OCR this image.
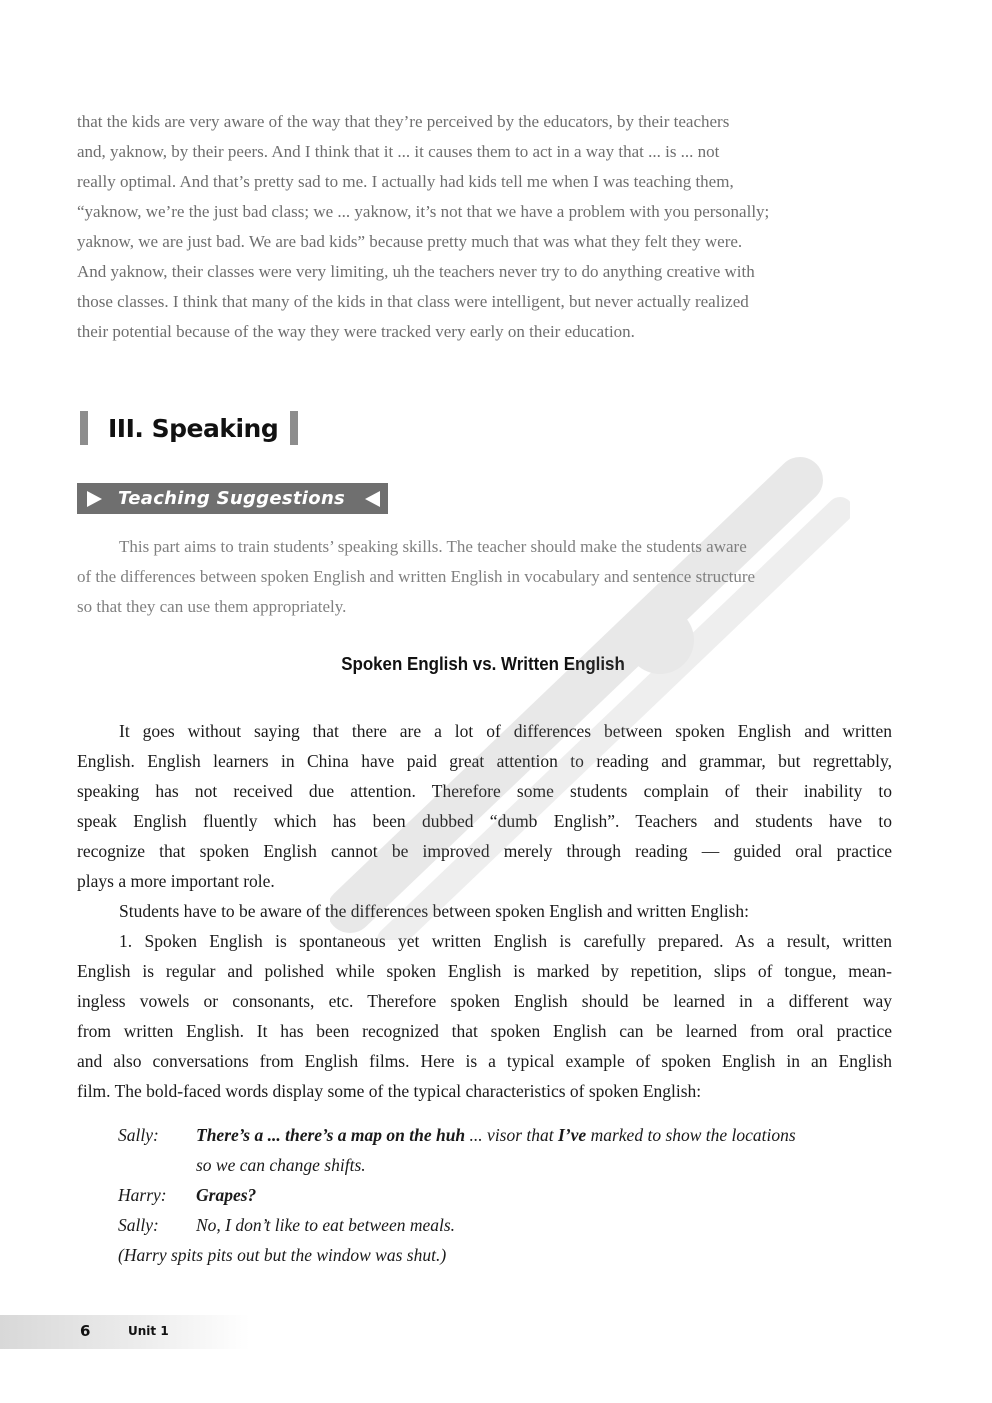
that the kids are very aware of the way that they’re perceived by the educators, by their teachers
and, yaknow, by their peers. And I think that it ... it causes them to act in a way that ... is ... not
really optimal. And that’s pretty sad to me. I actually had kids tell me when I was teaching them,
“yaknow, we’re the just bad class; we ... yaknow, it’s not that we have a problem with you personally;
yaknow, we are just bad. We are bad kids” because pretty much that was what they felt they were.
And yaknow, their classes were very limiting, uh the teachers never try to do anything creative with
those classes. I think that many of the kids in that class were intelligent, but never actually realized
their potential because of the way they were tracked very early on their education.

III. Speaking
Teaching Suggestions

This part aims to train students’ speaking skills. The teacher should make the students aware
of the differences between spoken English and written English in vocabulary and sentence structure
so that they can use them appropriately.

Spoken English vs. Written English
It goes without saying that there are a lot of differences between spoken English and written
English. English learners in China have paid great attention to reading and grammar, but regrettably,
speaking has not received due attention. Therefore some students complain of their inability to
speak English fluently which has been dubbed “dumb English”. Teachers and students have to
recognize that spoken English cannot be improved merely through reading — guided oral practice
plays a more important role.
Students have to be aware of the differences between spoken English and written English:
1. Spoken English is spontaneous yet written English is carefully prepared. As a result, written
English is regular and polished while spoken English is marked by repetition, slips of tongue, mean-
ingless vowels or consonants, etc. Therefore spoken English should be learned in a different way
from written English. It has been recognized that spoken English can be learned from oral practice
and also conversations from English films. Here is a typical example of spoken English in an English
film. The bold-faced words display some of the typical characteristics of spoken English:
Sally:	There’s a ... there’s a map on the huh ... visor that I’ve marked to show the locations
so we can change shifts.
Harry:	Grapes?
Sally:	No, I don’t like to eat between meals.
(Harry spits pits out but the window was shut.)
6	Unit 1
